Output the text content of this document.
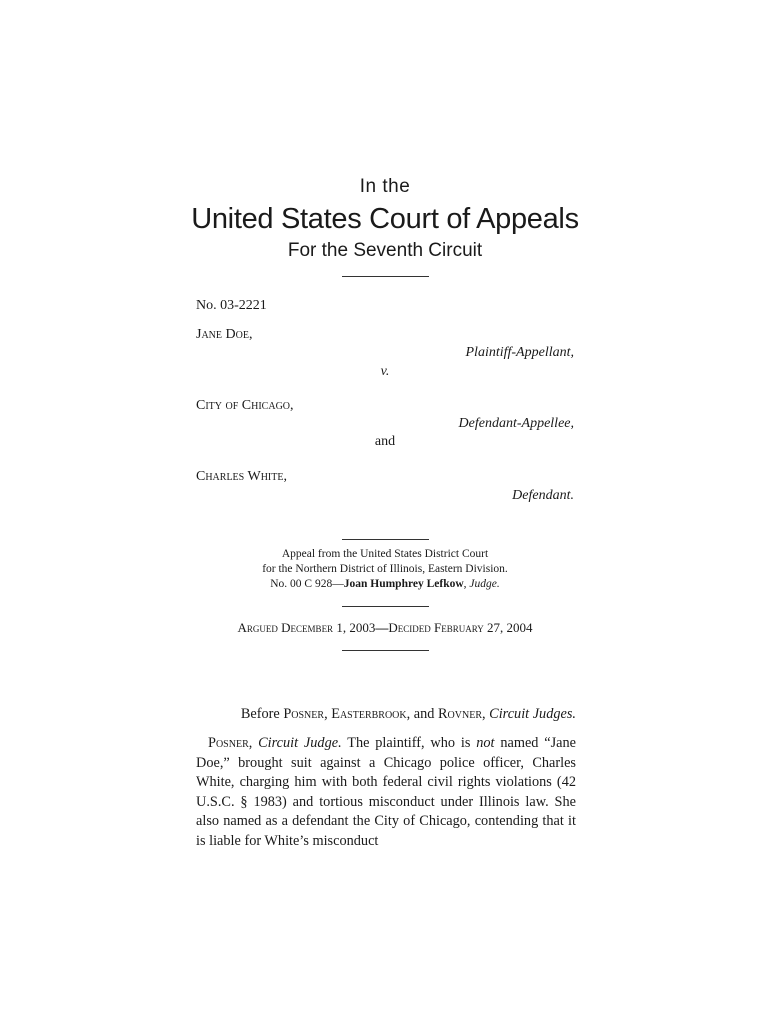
In the
United States Court of Appeals
For the Seventh Circuit
No. 03-2221
Jane Doe,
Plaintiff-Appellant,
v.
City of Chicago,
Defendant-Appellee,
and
Charles White,
Defendant.
Appeal from the United States District Court
for the Northern District of Illinois, Eastern Division.
No. 00 C 928—Joan Humphrey Lefkow, Judge.
Argued December 1, 2003—Decided February 27, 2004
Before Posner, Easterbrook, and Rovner, Circuit Judges.
Posner, Circuit Judge. The plaintiff, who is not named “Jane Doe,” brought suit against a Chicago police officer, Charles White, charging him with both federal civil rights violations (42 U.S.C. § 1983) and tortious misconduct under Illinois law. She also named as a defendant the City of Chicago, contending that it is liable for White’s misconduct
